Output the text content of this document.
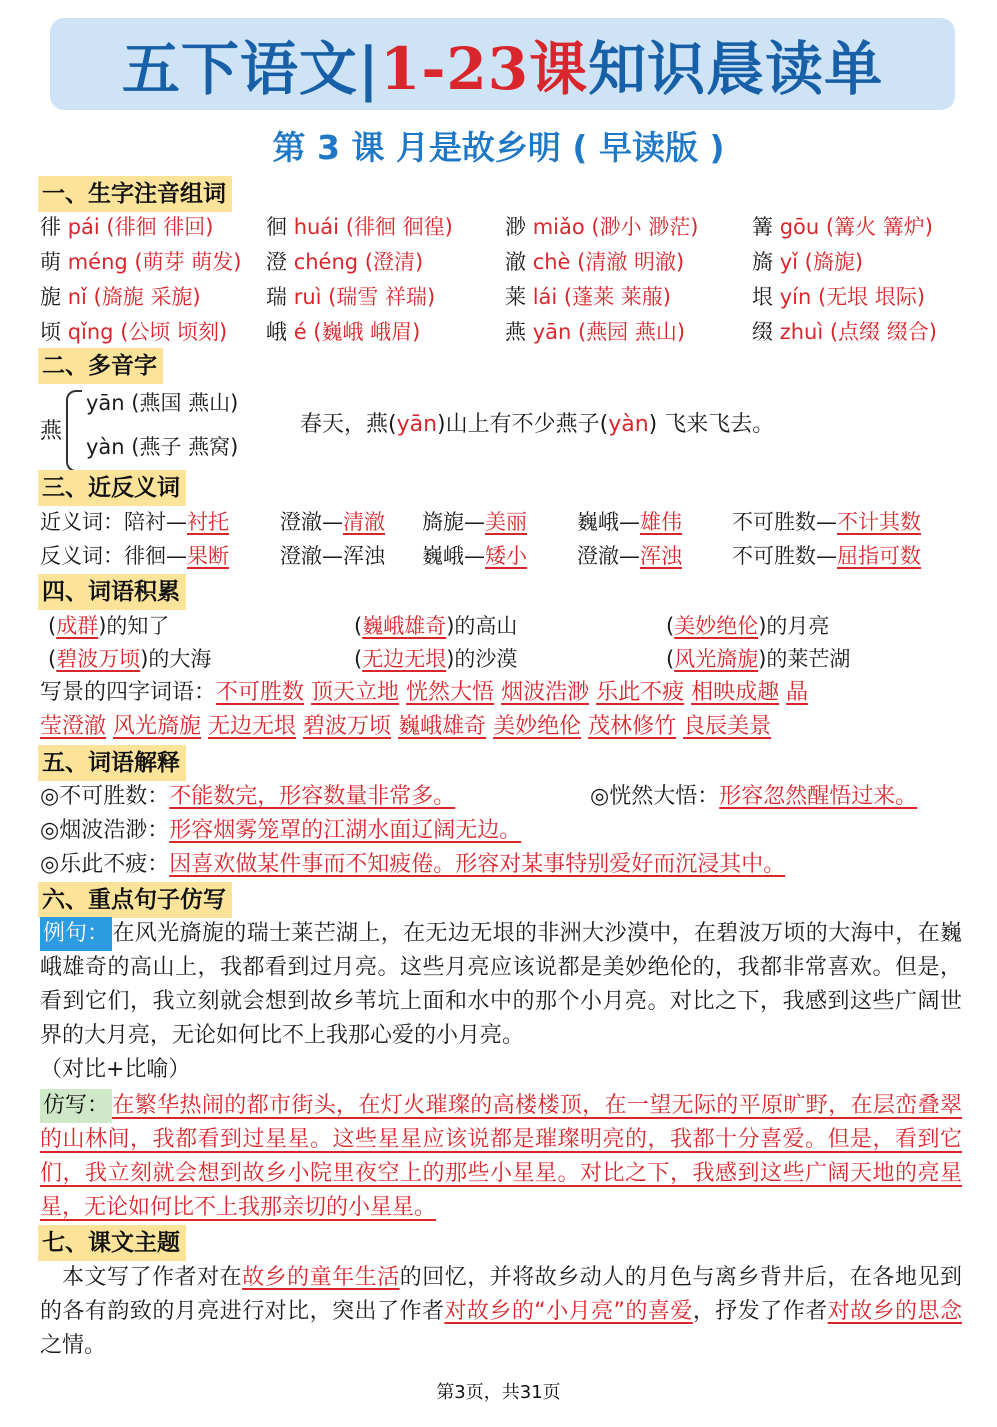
五下语文| 1-23课 知识晨读单
第 3 课 月是故乡明 ( 早读版 )
一、生字注音组词
徘 pái (徘徊 徘回)	徊 huái (徘徊 徊徨) 渺 miǎo (渺小 渺茫)	篝 gōu (篝火 篝炉)
萌 méng (萌芽 萌发) 澄 chéng (澄清)	澈 chè (清澈 明澈)	旖 yǐ (旖旎)
旎 nǐ (旖旎 采旎)	瑞 ruì (瑞雪 祥瑞)	莱 lái (蓬莱 莱菔)	垠 yín (无垠 垠际)
顷 qǐng (公顷 顷刻) 峨 é (巍峨 峨眉)	燕 yān (燕园 燕山)	缀 zhuì (点缀 缀合)
二、多音字
燕
yān (燕国 燕山)
yàn (燕子 燕窝)
春天，燕(yān)山上有不少燕子(yàn) 飞来飞去。
三、近反义词
近义词：陪衬—衬托 澄澈—清澈 旖旎—美丽 巍峨—雄伟 不可胜数—不计其数
反义词：徘徊—果断 澄澈—浑浊 巍峨—矮小 澄澈—浑浊 不可胜数—屈指可数
四、词语积累
(成群)的知了	(巍峨雄奇)的高山	(美妙绝伦)的月亮
(碧波万顷)的大海	(无边无垠)的沙漠	(风光旖旎)的莱芒湖
写景的四字词语：不可胜数 顶天立地 恍然大悟 烟波浩渺 乐此不疲 相映成趣 晶
莹澄澈 风光旖旎 无边无垠 碧波万顷 巍峨雄奇 美妙绝伦 茂林修竹 良辰美景
五、词语解释
◎不可胜数：不能数完，形容数量非常多。	◎恍然大悟：形容忽然醒悟过来。
◎烟波浩渺：形容烟雾笼罩的江湖水面辽阔无边。
◎乐此不疲：因喜欢做某件事而不知疲倦。形容对某事特别爱好而沉浸其中。
六、重点句子仿写
例句： 在风光旖旎的瑞士莱芒湖上，在无边无垠的非洲大沙漠中，在碧波万顷的大海中，在巍峨雄奇的高山上，我都看到过月亮。这些月亮应该说都是美妙绝伦的，我都非常喜欢。但是，看到它们，我立刻就会想到故乡苇坑上面和水中的那个小月亮。对比之下，我感到这些广阔世界的大月亮，无论如何比不上我那心爱的小月亮。
（对比+比喻）
仿写： 在繁华热闹的都市街头，在灯火璀璨的高楼楼顶，在一望无际的平原旷野，在层峦叠翠的山林间，我都看到过星星。这些星星应该说都是璀璨明亮的，我都十分喜爱。但是，看到它们，我立刻就会想到故乡小院里夜空上的那些小星星。对比之下，我感到这些广阔天地的亮星星，无论如何比不上我那亲切的小星星。
七、课文主题
本文写了作者对在故乡的童年生活的回忆，并将故乡动人的月色与离乡背井后，在各地见到的各有韵致的月亮进行对比，突出了作者对故乡的“小月亮”的喜爱，抒发了作者对故乡的思念之情。
第3页，共31页
